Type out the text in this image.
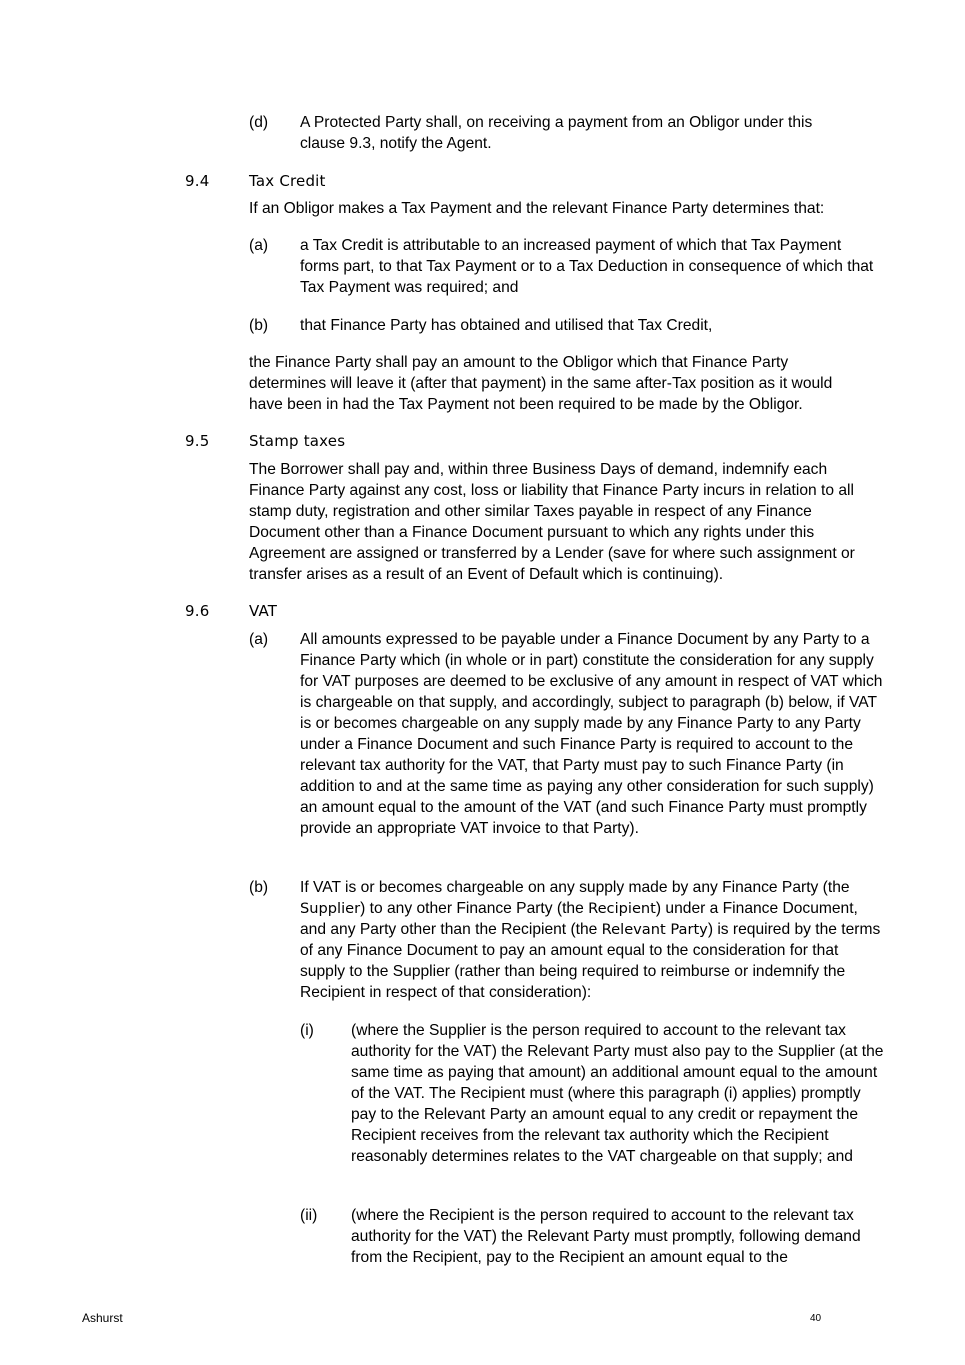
(d) A Protected Party shall, on receiving a payment from an Obligor under this clause 9.3, notify the Agent.

9.4	Tax Credit

If an Obligor makes a Tax Payment and the relevant Finance Party determines that:

(a) a Tax Credit is attributable to an increased payment of which that Tax Payment forms part, to that Tax Payment or to a Tax Deduction in consequence of which that Tax Payment was required; and

(b) that Finance Party has obtained and utilised that Tax Credit,

the Finance Party shall pay an amount to the Obligor which that Finance Party determines will leave it (after that payment) in the same after-Tax position as it would have been in had the Tax Payment not been required to be made by the Obligor.

9.5	Stamp taxes

The Borrower shall pay and, within three Business Days of demand, indemnify each Finance Party against any cost, loss or liability that Finance Party incurs in relation to all stamp duty, registration and other similar Taxes payable in respect of any Finance Document other than a Finance Document pursuant to which any rights under this Agreement are assigned or transferred by a Lender (save for where such assignment or transfer arises as a result of an Event of Default which is continuing).

9.6	VAT
(a) All amounts expressed to be payable under a Finance Document by any Party to a Finance Party which (in whole or in part) constitute the consideration for any supply for VAT purposes are deemed to be exclusive of any amount in respect of VAT which is chargeable on that supply, and accordingly, subject to paragraph (b) below, if VAT is or becomes chargeable on any supply made by any Finance Party to any Party under a Finance Document and such Finance Party is required to account to the relevant tax authority for the VAT, that Party must pay to such Finance Party (in addition to and at the same time as paying any other consideration for such supply) an amount equal to the amount of the VAT (and such Finance Party must promptly provide an appropriate VAT invoice to that Party).

(b) If VAT is or becomes chargeable on any supply made by any Finance Party (the Supplier) to any other Finance Party (the Recipient) under a Finance Document, and any Party other than the Recipient (the Relevant Party) is required by the terms of any Finance Document to pay an amount equal to the consideration for that supply to the Supplier (rather than being required to reimburse or indemnify the Recipient in respect of that consideration):

(i) (where the Supplier is the person required to account to the relevant tax authority for the VAT) the Relevant Party must also pay to the Supplier (at the same time as paying that amount) an additional amount equal to the amount of the VAT. The Recipient must (where this paragraph (i) applies) promptly pay to the Relevant Party an amount equal to any credit or repayment the Recipient receives from the relevant tax authority which the Recipient reasonably determines relates to the VAT chargeable on that supply; and

(ii) (where the Recipient is the person required to account to the relevant tax authority for the VAT) the Relevant Party must promptly, following demand from the Recipient, pay to the Recipient an amount equal to the

Ashurst	40
